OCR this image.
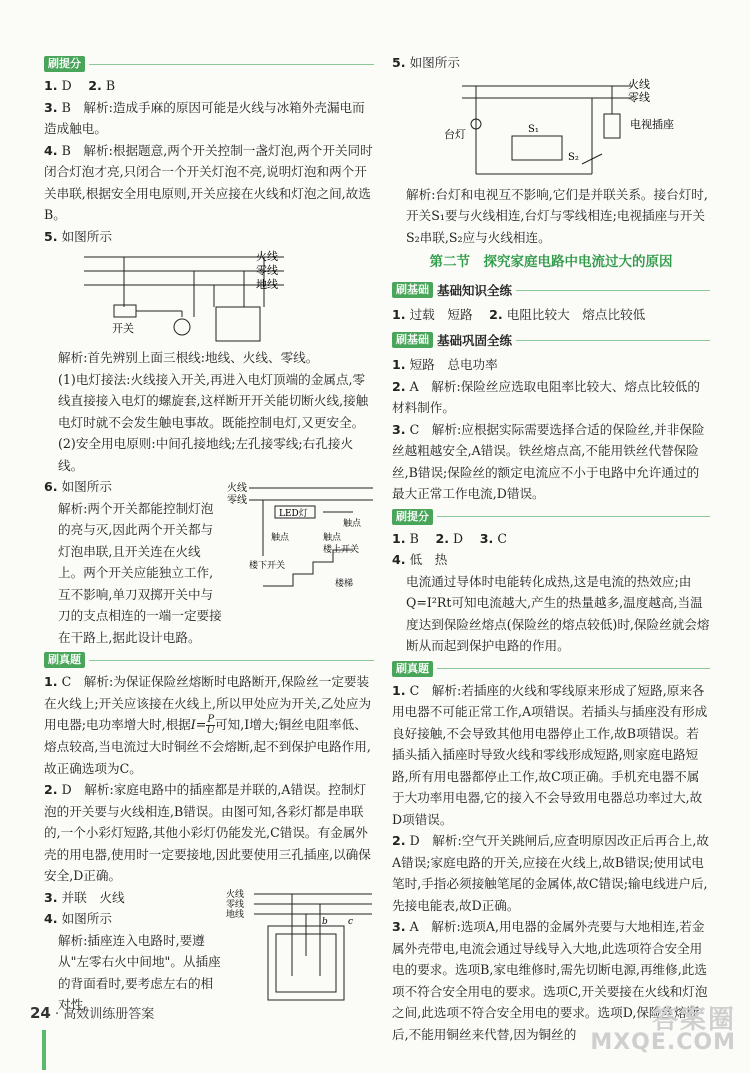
刷提分

1. D　 2. B

3. B　解析:造成手麻的原因可能是火线与冰箱外壳漏电而造成触电。

4. B　解析:根据题意,两个开关控制一盏灯泡,两个开关同时闭合灯泡才亮,只闭合一个开关灯泡不亮,说明灯泡和两个开关串联,根据安全用电原则,开关应接在火线和灯泡之间,故选B。

5. 如图所示

火线
零线
地线
开关

解析:首先辨别上面三根线:地线、火线、零线。

(1)电灯接法:火线接入开关,再进入电灯顶端的金属点,零线直接接入电灯的螺旋套,这样断开开关能切断火线,接触电灯时就不会发生触电事故。既能控制电灯,又更安全。

(2)安全用电原则:中间孔接地线;左孔接零线;右孔接火线。

6. 如图所示

解析:两个开关都能控制灯泡的亮与灭,因此两个开关都与灯泡串联,且开关连在火线上。两个开关应能独立工作,互不影响,单刀双掷开关中与刀的支点相连的一端一定要接在干路上,据此设计电路。

火线
零线
LED灯
触点
触点	触点
楼上开关
楼下开关
楼梯
刷真题

1. C　解析:为保证保险丝熔断时电路断开,保险丝一定要装在火线上;开关应该接在火线上,所以甲处应为开关,乙处应为用电器;电功率增大时,根据$I= \frac{P}{U}$ 可知,I增大;铜丝电阻率低、熔点较高,当电流过大时铜丝不会熔断,起不到保护电路作用,故正确选项为C。

2. D　解析:家庭电路中的插座都是并联的,A错误。控制灯泡的开关要与火线相连,B错误。由图可知,各彩灯都是串联的,一个小彩灯短路,其他小彩灯仍能发光,C错误。有金属外壳的用电器,使用时一定要接地,因此要使用三孔插座,以确保安全,D正确。

3. 并联　火线

4. 如图所示

解析:插座连入电路时,要遵从"左零右火中间地"。从插座的背面看时,要考虑左右的相对性。

火线
零线
地线
b c

5. 如图所示

火线
零线
台灯	S₁
S₂
电视插座

解析:台灯和电视互不影响,它们是并联关系。接台灯时,开关S₁要与火线相连,台灯与零线相连;电视插座与开关S₂串联,S₂应与火线相连。

第二节　探究家庭电路中电流过大的原因
刷基础 基础知识全练

1. 过载　短路　 2. 电阻比较大　熔点比较低

刷基础 基础巩固全练

1. 短路　总电功率

2. A　解析:保险丝应选取电阻率比较大、熔点比较低的材料制作。

3. C　解析:应根据实际需要选择合适的保险丝,并非保险丝越粗越安全,A错误。铁丝熔点高,不能用铁丝代替保险丝,B错误;保险丝的额定电流应不小于电路中允许通过的最大正常工作电流,D错误。

刷提分

1. B　 2. D　 3. C

4. 低　热

电流通过导体时电能转化成热,这是电流的热效应;由Q=I²Rt可知电流越大,产生的热量越多,温度越高,当温度达到保险丝熔点(保险丝的熔点较低)时,保险丝就会熔断从而起到保护电路的作用。

刷真题

1. C　解析:若插座的火线和零线原来形成了短路,原来各用电器不可能正常工作,A项错误。若插头与插座没有形成良好接触,不会导致其他用电器停止工作,故B项错误。若插头插入插座时导致火线和零线形成短路,则家庭电路短路,所有用电器都停止工作,故C项正确。手机充电器不属于大功率用电器,它的接入不会导致用电器总功率过大,故D项错误。

2. D　解析:空气开关跳闸后,应查明原因改正后再合上,故A错误;家庭电路的开关,应接在火线上,故B错误;使用试电笔时,手指必须接触笔尾的金属体,故C错误;输电线进户后,先接电能表,故D正确。

3. A　解析:选项A,用电器的金属外壳要与大地相连,若金属外壳带电,电流会通过导线导入大地,此选项符合安全用电的要求。选项B,家电维修时,需先切断电源,再维修,此选项不符合安全用电的要求。选项C,开关要接在火线和灯泡之间,此选项不符合安全用电的要求。选项D,保险丝熔断后,不能用铜丝来代替,因为铜丝的

24 · 高效训练册答案	答案圈
MXQE.COM
